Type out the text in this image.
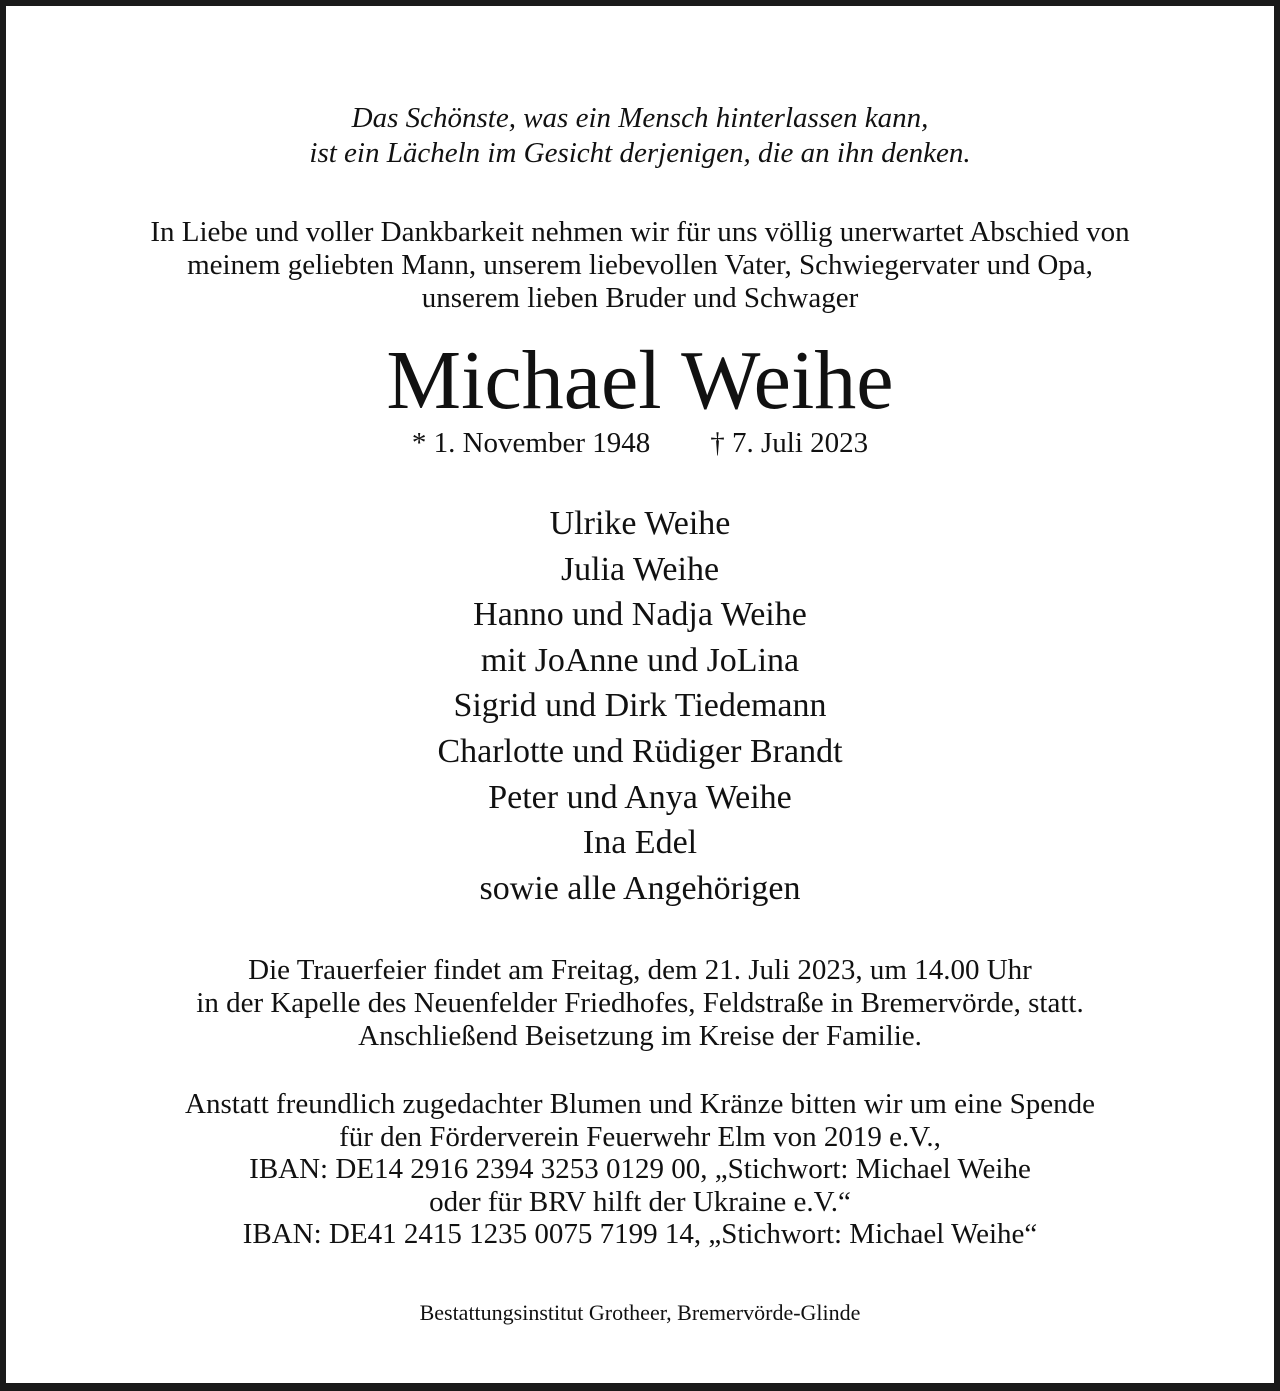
Das Schönste, was ein Mensch hinterlassen kann,
ist ein Lächeln im Gesicht derjenigen, die an ihn denken.
In Liebe und voller Dankbarkeit nehmen wir für uns völlig unerwartet Abschied von
meinem geliebten Mann, unserem liebevollen Vater, Schwiegervater und Opa,
unserem lieben Bruder und Schwager
Michael Weihe
* 1. November 1948 † 7. Juli 2023
Ulrike Weihe
Julia Weihe
Hanno und Nadja Weihe
mit JoAnne und JoLina
Sigrid und Dirk Tiedemann
Charlotte und Rüdiger Brandt
Peter und Anya Weihe
Ina Edel
sowie alle Angehörigen
Die Trauerfeier findet am Freitag, dem 21. Juli 2023, um 14.00 Uhr
in der Kapelle des Neuenfelder Friedhofes, Feldstraße in Bremervörde, statt.
Anschließend Beisetzung im Kreise der Familie.
Anstatt freundlich zugedachter Blumen und Kränze bitten wir um eine Spende
für den Förderverein Feuerwehr Elm von 2019 e.V.,
IBAN: DE14 2916 2394 3253 0129 00, „Stichwort: Michael Weihe
oder für BRV hilft der Ukraine e.V.“
IBAN: DE41 2415 1235 0075 7199 14, „Stichwort: Michael Weihe“
Bestattungsinstitut Grotheer, Bremervörde-Glinde
